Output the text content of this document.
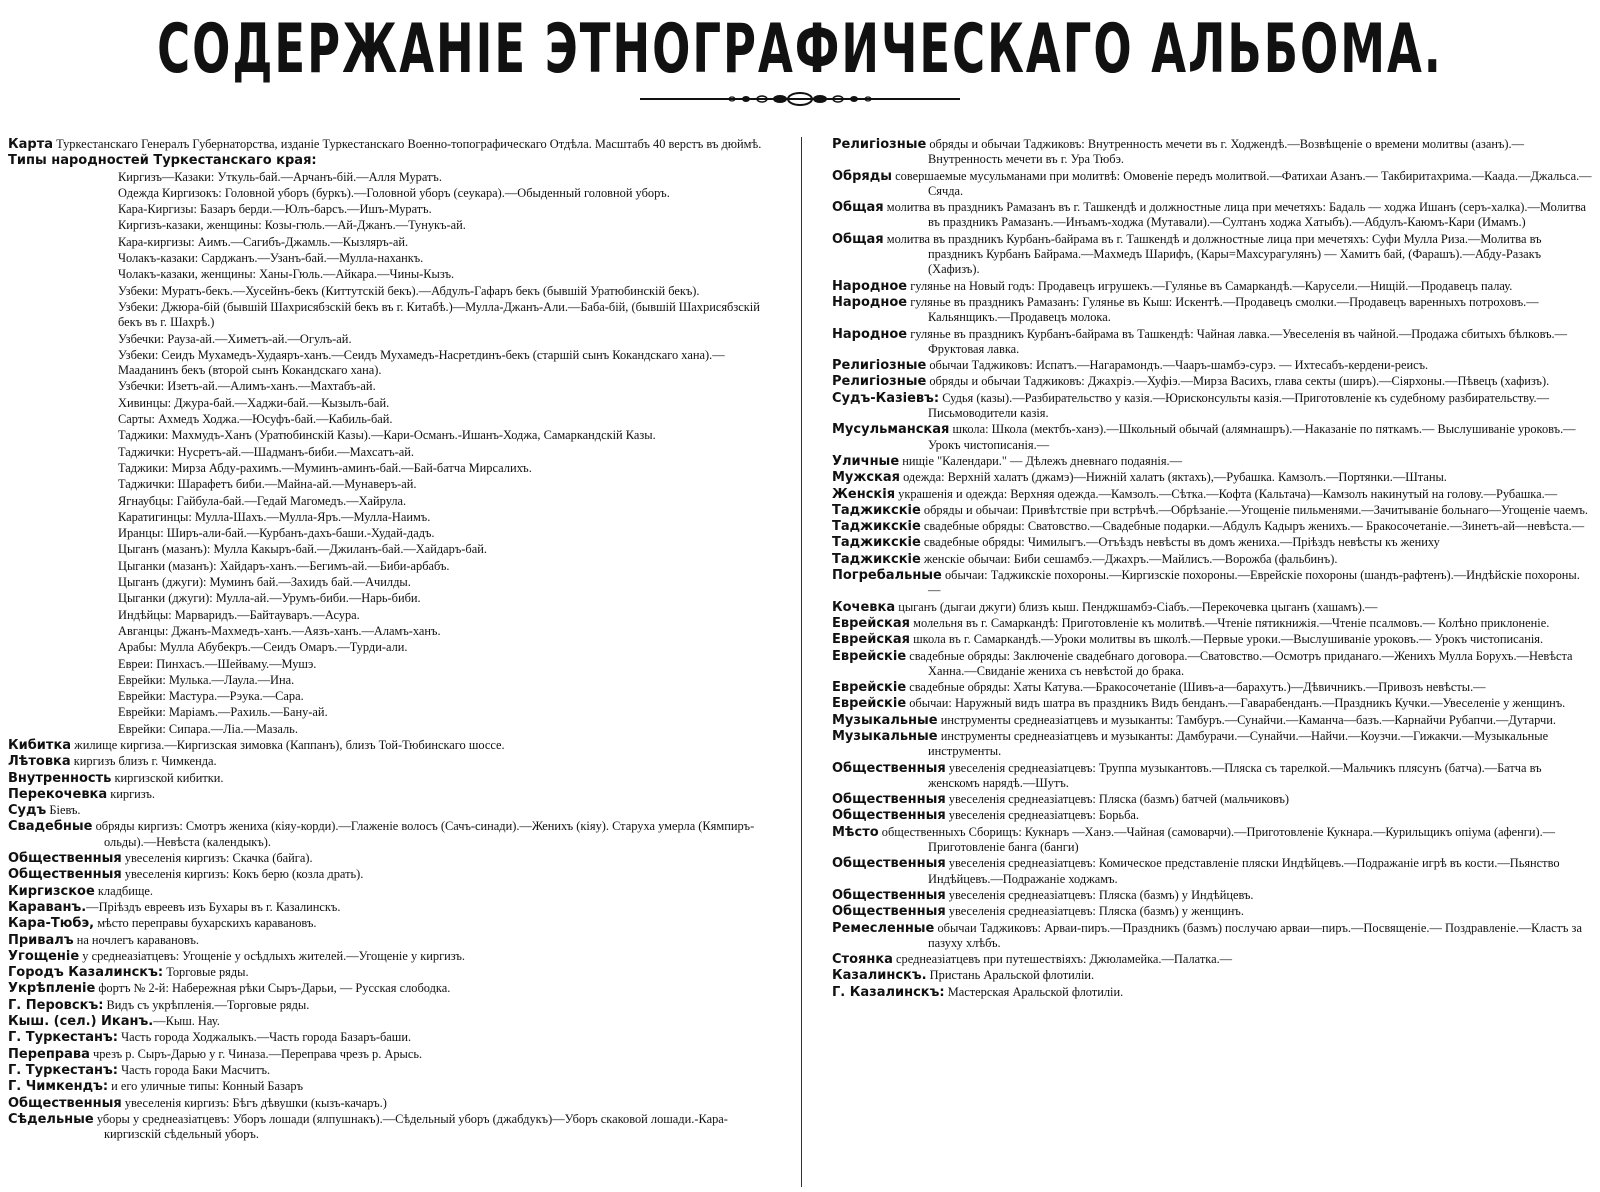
СОДЕРЖАНІЕ ЭТНОГРАФИЧЕСКАГО АЛЬБОМА.
Карта Туркестанскаго Генералъ Губернаторства, изданіе Туркестанскаго Военно-топографическаго Отдѣла. Масштабъ 40 верстъ въ дюймѣ.
Типы народностей Туркестанскаго края:
Киргизъ—Казаки: Уткуль-бай.—Арчанъ-бій.—Алля Муратъ.
Одежда Киргизокъ: Головной уборъ (буркъ).—Головной уборъ (сеукара).—Обыденный головной уборъ.
Кара-Киргизы: Базаръ берди.—Юлъ-барсъ.—Ишъ-Муратъ.
Киргизъ-казаки, женщины: Козы-гюль.—Ай-Джанъ.—Тунукъ-ай.
Кара-киргизы: Аимъ.—Сагибъ-Джамль.—Кызляръ-ай.
Чолакъ-казаки: Сарджанъ.—Узанъ-бай.—Мулла-наханкъ.
Чолакъ-казаки, женщины: Ханы-Гюль.—Айкара.—Чины-Кызъ.
Узбеки: Муратъ-бекъ.—Хусейнъ-бекъ (Киттутскій бекъ).—Абдулъ-Гафаръ бекъ (бывшій Уратюбинскій бекъ).
Узбеки: Джюра-бій (бывшій Шахрисябзскій бекъ въ г. Китабѣ.)—Мулла-Джанъ-Али.—Баба-бій, (бывшій Шахрисябзскій бекъ въ г. Шахрѣ.)
Узбечки: Рауза-ай.—Химетъ-ай.—Огулъ-ай.
Узбеки: Сеидъ Мухамедъ-Худаяръ-ханъ.—Сеидъ Мухамедъ-Насретдинъ-бекъ (старшій сынъ Кокандскаго хана).—Мааданинъ бекъ (второй сынъ Кокандскаго хана).
Узбечки: Изетъ-ай.—Алимъ-ханъ.—Махтабъ-ай.
Хивинцы: Джура-бай.—Хаджи-бай.—Кызылъ-бай.
Сарты: Ахмедъ Ходжа.—Юсуфъ-бай.—Кабиль-бай.
Таджики: Махмудъ-Ханъ (Уратюбинскій Казы).—Кари-Османъ.-Ишанъ-Ходжа, Самаркандскій Казы.
Таджички: Нусретъ-ай.—Шадманъ-биби.—Махсатъ-ай.
Таджики: Мирза Абду-рахимъ.—Муминъ-аминъ-бай.—Бай-батча Мирсалихъ.
Таджички: Шарафетъ биби.—Майна-ай.—Мунаверъ-ай.
Ягнаубцы: Гайбула-бай.—Гедай Магомедъ.—Хайрула.
Каратигинцы: Мулла-Шахъ.—Мулла-Яръ.—Мулла-Наимъ.
Иранцы: Ширъ-али-бай.—Курбанъ-дахъ-баши.-Худай-дадъ.
Цыганъ (мазанъ): Мулла Какыръ-бай.—Джиланъ-бай.—Хайдаръ-бай.
Цыганки (мазанъ): Хайдаръ-ханъ.—Бегимъ-ай.—Биби-арбабъ.
Цыганъ (джуги): Муминъ бай.—Захидъ бай.—Ачилды.
Цыганки (джуги): Мулла-ай.—Урумъ-биби.—Нарь-биби.
Индѣйцы: Марваридъ.—Байтауваръ.—Асура.
Авганцы: Джанъ-Махмедъ-ханъ.—Аязъ-ханъ.—Аламъ-ханъ.
Арабы: Мулла Абубекръ.—Сеидъ Омаръ.—Турди-али.
Евреи: Пинхасъ.—Шейваму.—Мушэ.
Еврейки: Мулька.—Лаула.—Ина.
Еврейки: Мастура.—Рэука.—Сара.
Еврейки: Маріамъ.—Рахиль.—Бану-ай.
Еврейки: Сипара.—Ліа.—Мазаль.
Кибитка жилище киргиза.—Киргизская зимовка (Каппанъ), близъ Той-Тюбинскаго шоссе.
Лѣтовка киргизъ близъ г. Чимкенда.
Внутренность киргизской кибитки.
Перекочевка киргизъ.
Судъ Біевъ.
Свадебные обряды киргизъ: Смотръ жениха (кіяу-корди).—Глаженіе волосъ (Сачъ-синади).—Женихъ (кіяу). Старуха умерла (Кямпиръ-ольды).—Невѣста (календыкъ).
Общественныя увеселенія киргизъ: Скачка (байга).
Общественныя увеселенія киргизъ: Кокъ берю (козла драть).
Киргизское кладбище.
Караванъ.—Пріѣздъ евреевъ изъ Бухары въ г. Казалинскъ.
Кара-Тюбэ, мѣсто переправы бухарскихъ каравановъ.
Привалъ на ночлегъ каравановъ.
Угощеніе у среднеазіатцевъ: Угощеніе у осѣдлыхъ жителей.—Угощеніе у киргизъ.
Городъ Казалинскъ: Торговые ряды.
Укрѣпленіе фортъ № 2-й: Набережная рѣки Сыръ-Дарьи, — Русская слободка.
Г. Перовскъ: Видъ съ укрѣпленія.—Торговые ряды.
Кыш. (сел.) Иканъ.—Кыш. Нау.
Г. Туркестанъ: Часть города Ходжалыкъ.—Часть города Базаръ-баши.
Переправа чрезъ р. Сыръ-Дарью у г. Чиназа.—Переправа чрезъ р. Арысь.
Г. Туркестанъ: Часть города Баки Масчитъ.
Г. Чимкендъ: и его уличные типы: Конный Базаръ
Общественныя увеселенія киргизъ: Бѣгъ дѣвушки (кызъ-качаръ.)
Сѣдельные уборы у среднеазіатцевъ: Уборъ лошади (ялпушнакъ).—Сѣдельный уборъ (джабдукъ)—Уборъ скаковой лошади.-Кара-киргизскій сѣдельный уборъ.
Религіозные обряды и обычаи Таджиковъ: Внутренность мечети въ г. Ходжендѣ.—Возвѣщеніе о времени молитвы (азанъ).—Внутренность мечети въ г. Ура Тюбэ.
Обряды совершаемые мусульманами при молитвѣ: Омовеніе передъ молитвой.—Фатихаи Азанъ.— Такбиритахрима.—Каада.—Джальса.—Сячда.
Общая молитва въ праздникъ Рамазанъ въ г. Ташкендѣ и должностные лица при мечетяхъ: Бадаль — ходжа Ишанъ (серъ-халка).—Молитва въ праздникъ Рамазанъ.—Инъамъ-ходжа (Мутавали).—Султанъ ходжа Хатыбъ).—Абдулъ-Каюмъ-Кари (Имамъ.)
Общая молитва въ праздникъ Курбанъ-байрама въ г. Ташкендѣ и должностные лица при мечетяхъ: Суфи Мулла Риза.—Молитва въ праздникъ Курбанъ Байрама.—Махмедъ Шарифъ, (Кары=Махсурагулянъ) — Хамитъ бай, (Фарашъ).—Абду-Разакъ (Хафизъ).
Народное гулянье на Новый годъ: Продавецъ игрушекъ.—Гулянье въ Самаркандѣ.—Карусели.—Нищій.—Продавецъ палау.
Народное гулянье въ праздникъ Рамазанъ: Гулянье въ Кыш: Искентѣ.—Продавецъ смолки.—Продавецъ варенныхъ потроховъ.—Кальянщикъ.—Продавецъ молока.
Народное гулянье въ праздникъ Курбанъ-байрама въ Ташкендѣ: Чайная лавка.—Увеселенія въ чайной.—Продажа сбитыхъ бѣлковъ.—Фруктовая лавка.
Религіозные обычаи Таджиковъ: Испатъ.—Нагарамондъ.—Чааръ-шамбэ-сурэ. — Ихтесабъ-кердени-реисъ.
Религіозные обряды и обычаи Таджиковъ: Джахріэ.—Хуфіэ.—Мирза Васихъ, глава секты (ширъ).—Сіярхоны.—Пѣвецъ (хафизъ).
Судъ-Казіевъ: Судья (казы).—Разбирательство у казія.—Юрисконсульты казія.—Приготовленіе къ судебному разбирательству.—Письмоводители казія.
Мусульманская школа: Школа (мектбъ-ханэ).—Школьный обычай (алямнашръ).—Наказаніе по пяткамъ.— Выслушиваніе уроковъ.—Урокъ чистописанія.—
Уличные нищіе "Календари." — Дѣлежъ дневнаго подаянія.—
Мужская одежда: Верхній халатъ (джамэ)—Нижній халатъ (яктахъ),—Рубашка. Камзолъ.—Портянки.—Штаны.
Женскія украшенія и одежда: Верхняя одежда.—Камзолъ.—Сѣтка.—Кофта (Кальтача)—Камзолъ накинутый на голову.—Рубашка.—
Таджикскіе обряды и обычаи: Привѣтствіе при встрѣчѣ.—Обрѣзаніе.—Угощеніе пильменями.—Зачитываніе больнаго—Угощеніе чаемъ.
Таджикскіе свадебные обряды: Сватовство.—Свадебные подарки.—Абдулъ Кадыръ женихъ.— Бракосочетаніе.—Зинетъ-ай—невѣста.—
Таджикскіе свадебные обряды: Чимилыгъ.—Отъѣздъ невѣсты въ домъ жениха.—Пріѣздъ невѣсты къ жениху
Таджикскіе женскіе обычаи: Биби сешамбэ.—Джахръ.—Майлисъ.—Ворожба (фальбинъ).
Погребальные обычаи: Таджикскіе похороны.—Киргизскіе похороны.—Еврейскіе похороны (шандъ-рафтенъ).—Индѣйскіе похороны.—
Кочевка цыганъ (дыгаи джуги) близъ кыш. Пенджшамбэ-Сіабъ.—Перекочевка цыганъ (хашамъ).—
Еврейская молельня въ г. Самаркандѣ: Приготовленіе къ молитвѣ.—Чтеніе пятикнижія.—Чтеніе псалмовъ.— Колѣно приклоненіе.
Еврейская школа въ г. Самаркандѣ.—Уроки молитвы въ школѣ.—Первые уроки.—Выслушиваніе уроковъ.— Урокъ чистописанія.
Еврейскіе свадебные обряды: Заключеніе свадебнаго договора.—Сватовство.—Осмотръ приданаго.—Женихъ Мулла Борухъ.—Невѣста Ханна.—Свиданіе жениха съ невѣстой до брака.
Еврейскіе свадебные обряды: Хаты Катува.—Бракосочетаніе (Шивъ-а—барахутъ.)—Дѣвичникъ.—Привозъ невѣсты.—
Еврейскіе обычаи: Наружный видъ шатра въ праздникъ Видъ бенданъ.—Гаварабенданъ.—Праздникъ Кучки.—Увеселеніе у женщинъ.
Музыкальные инструменты среднеазіатцевъ и музыканты: Тамбуръ.—Сунайчи.—Каманча—базъ.—Карнайчи Рубапчи.—Дутарчи.
Музыкальные инструменты среднеазіатцевъ и музыканты: Дамбурачи.—Сунайчи.—Найчи.—Коузчи.—Гижакчи.—Музыкальные инструменты.
Общественныя увеселенія среднеазіатцевъ: Труппа музыкантовъ.—Пляска съ тарелкой.—Мальчикъ плясунъ (батча).—Батча въ женскомъ нарядѣ.—Шутъ.
Общественныя увеселенія среднеазіатцевъ: Пляска (базмъ) батчей (мальчиковъ)
Общественныя увеселенія среднеазіатцевъ: Борьба.
Мѣсто общественныхъ Сборищъ: Кукнаръ —Ханэ.—Чайная (самоварчи).—Приготовленіе Кукнара.—Курильщикъ опіума (афенги).—Приготовленіе банга (банги)
Общественныя увеселенія среднеазіатцевъ: Комическое представленіе пляски Индѣйцевъ.—Подражаніе игрѣ въ кости.—Пьянство Индѣйцевъ.—Подражаніе ходжамъ.
Общественныя увеселенія среднеазіатцевъ: Пляска (базмъ) у Индѣйцевъ.
Общественныя увеселенія среднеазіатцевъ: Пляска (базмъ) у женщинъ.
Ремесленные обычаи Таджиковъ: Арваи-пиръ.—Праздникъ (базмъ) послучаю арваи—пиръ.—Посвященіе.— Поздравленіе.—Кластъ за пазуху хлѣбъ.
Стоянка среднеазіатцевъ при путешествіяхъ: Джюламейка.—Палатка.—
Казалинскъ. Пристань Аральской флотиліи.
Г. Казалинскъ: Мастерская Аральской флотиліи.
